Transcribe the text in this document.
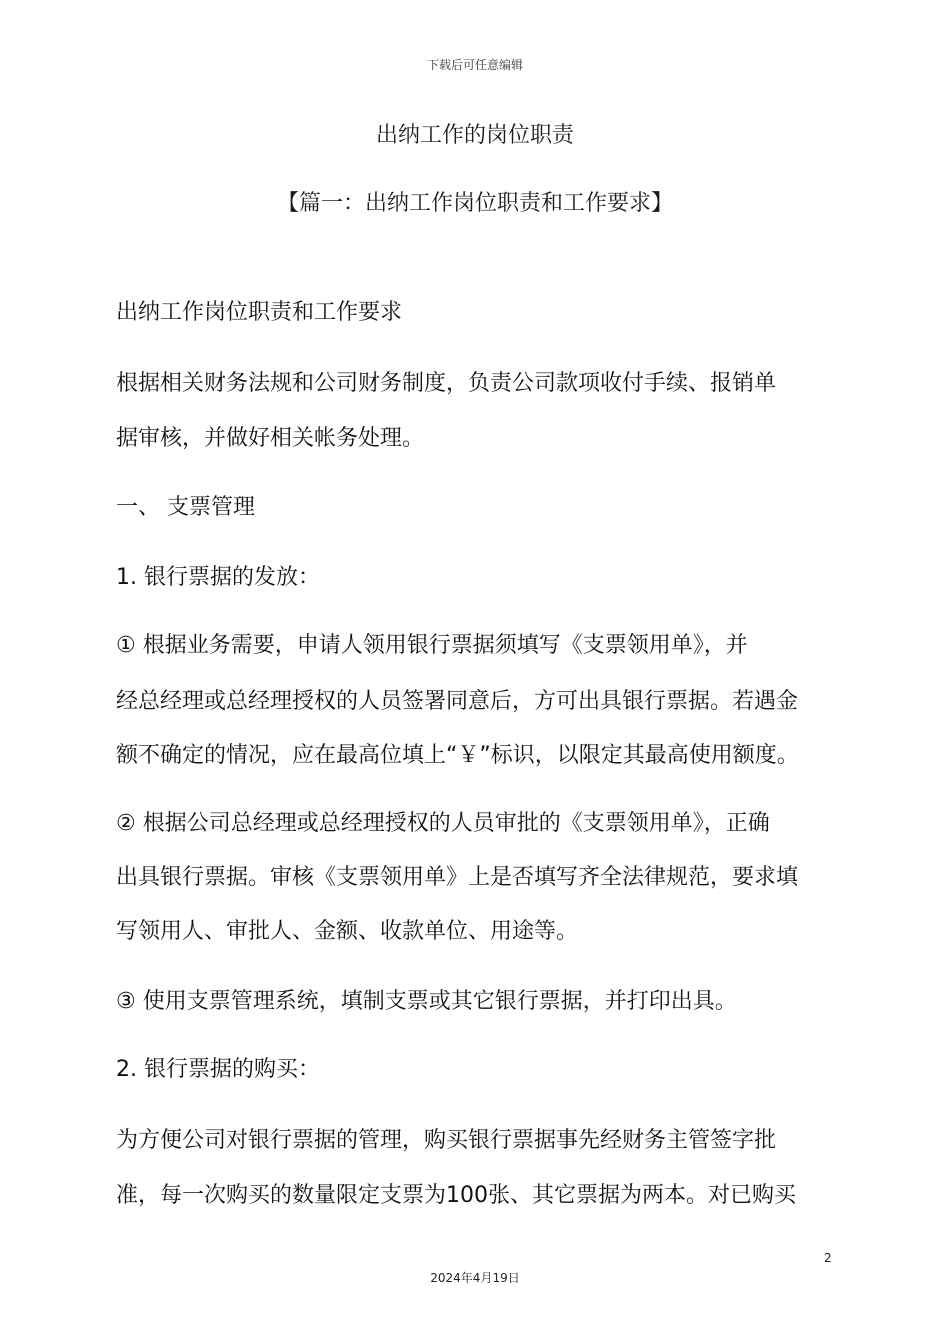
下载后可任意编辑
出纳工作的岗位职责
【篇一：出纳工作岗位职责和工作要求】
出纳工作岗位职责和工作要求
根据相关财务法规和公司财务制度，负责公司款项收付手续、报销单
据审核，并做好相关帐务处理。
一、 支票管理
1. 银行票据的发放：
① 根据业务需要，申请人领用银行票据须填写《支票领用单》，并
经总经理或总经理授权的人员签署同意后，方可出具银行票据。若遇金
额不确定的情况，应在最高位填上“￥”标识，以限定其最高使用额度。
② 根据公司总经理或总经理授权的人员审批的《支票领用单》，正确
出具银行票据。审核《支票领用单》上是否填写齐全法律规范，要求填
写领用人、审批人、金额、收款单位、用途等。
③ 使用支票管理系统，填制支票或其它银行票据，并打印出具。
2. 银行票据的购买：
为方便公司对银行票据的管理，购买银行票据事先经财务主管签字批
准，每一次购买的数量限定支票为100张、其它票据为两本。对已购买
2
2024年4月19日
